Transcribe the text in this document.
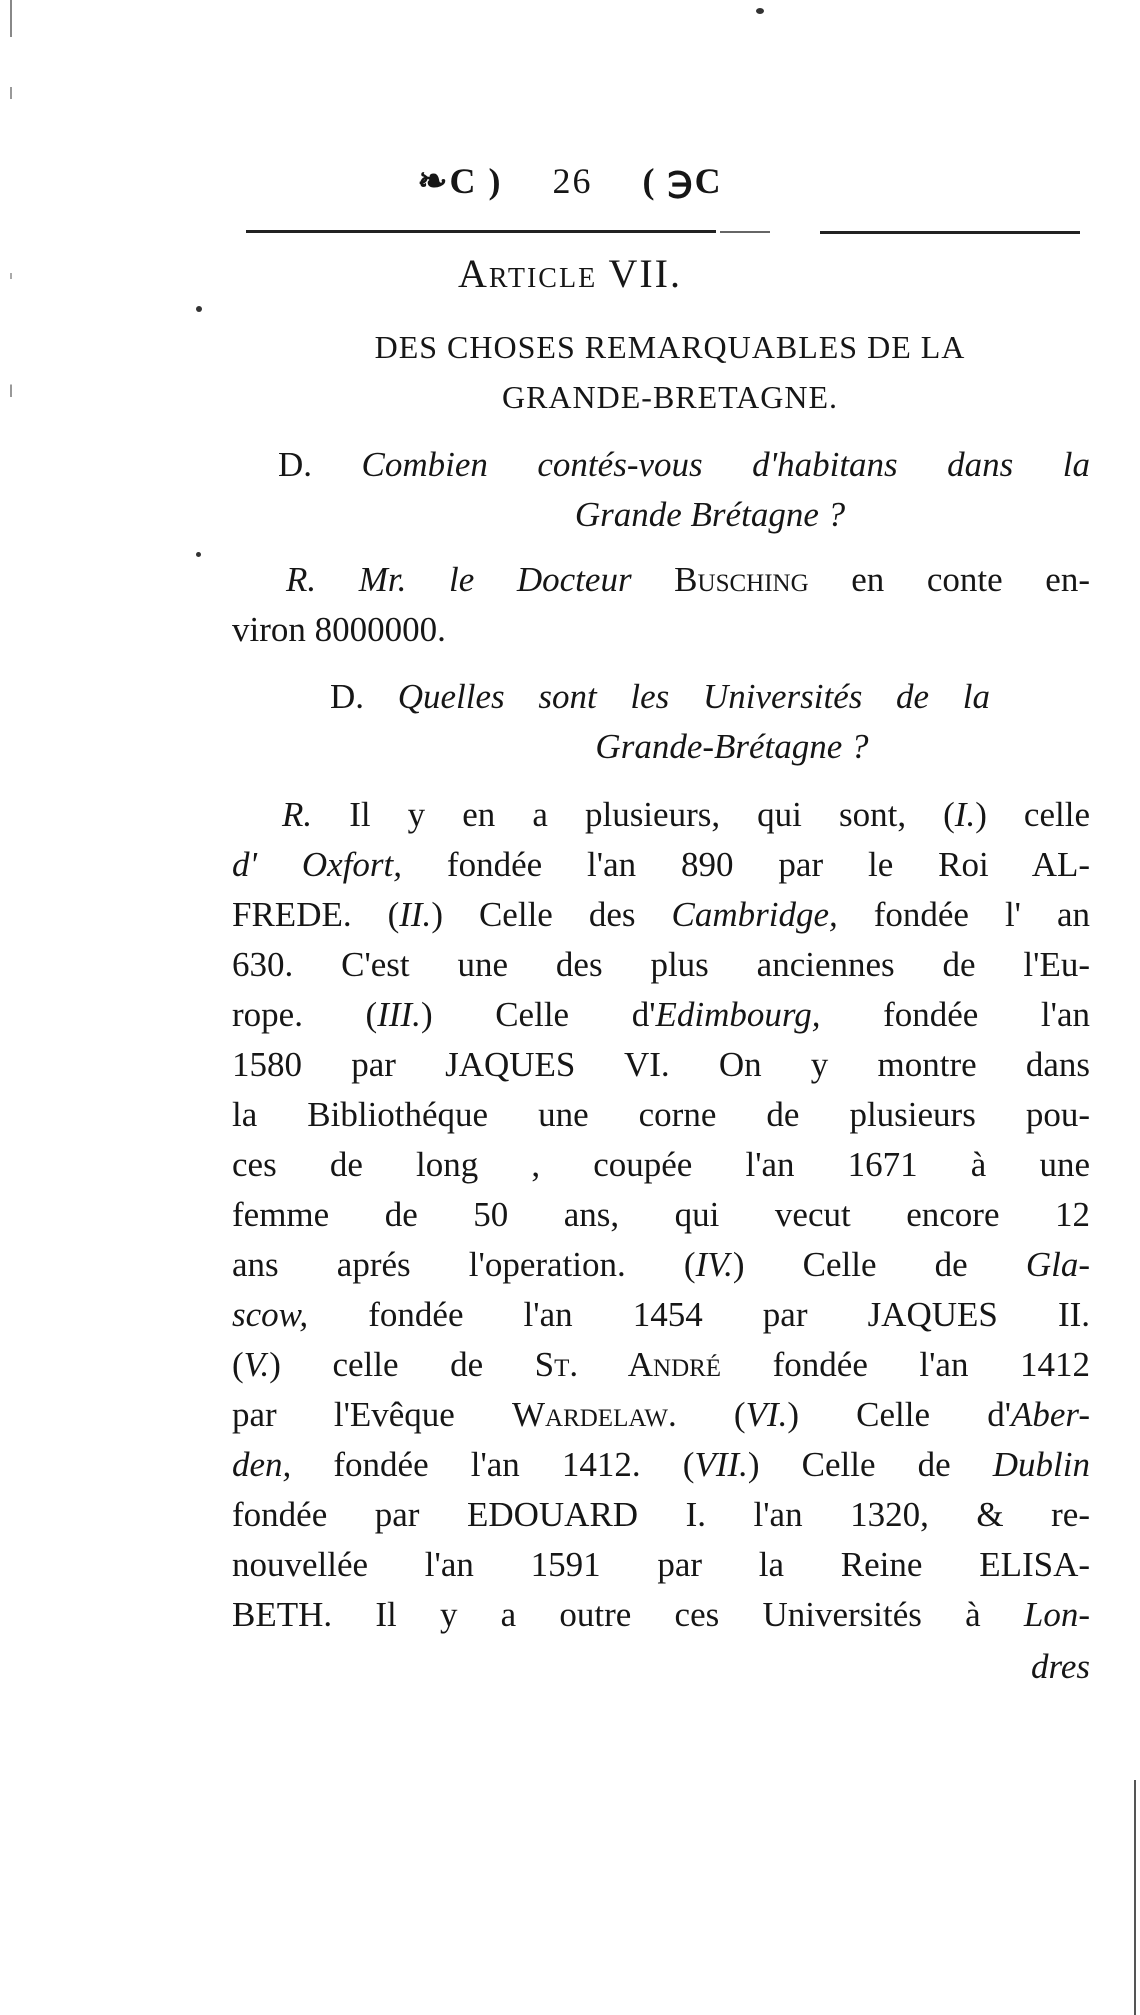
❧C ) 26 ( ℈C
Article VII.
DES CHOSES REMARQUABLES DE LA
GRANDE-BRETAGNE.
D. Combien contés-vous d'habitans dans la
Grande Brétagne ?
R. Mr. le Docteur Busching en conte en-
viron 8000000.
D. Quelles sont les Universités de la
Grande-Brétagne ?
R. Il y en a plusieurs, qui sont, (I.) celle
d' Oxfort, fondée l'an 890 par le Roi AL-
FREDE. (II.) Celle des Cambridge, fondée l' an
630. C'est une des plus anciennes de l'Eu-
rope. (III.) Celle d'Edimbourg, fondée l'an
1580 par JAQUES VI. On y montre dans
la Bibliothéque une corne de plusieurs pou-
ces de long , coupée l'an 1671 à une
femme de 50 ans, qui vecut encore 12
ans aprés l'operation. (IV.) Celle de Gla-
scow, fondée l'an 1454 par JAQUES II.
(V.) celle de St. André fondée l'an 1412
par l'Evêque Wardelaw. (VI.) Celle d'Aber-
den, fondée l'an 1412. (VII.) Celle de Dublin
fondée par EDOUARD I. l'an 1320, & re-
nouvellée l'an 1591 par la Reine ELISA-
BETH. Il y a outre ces Universités à Lon-
dres
